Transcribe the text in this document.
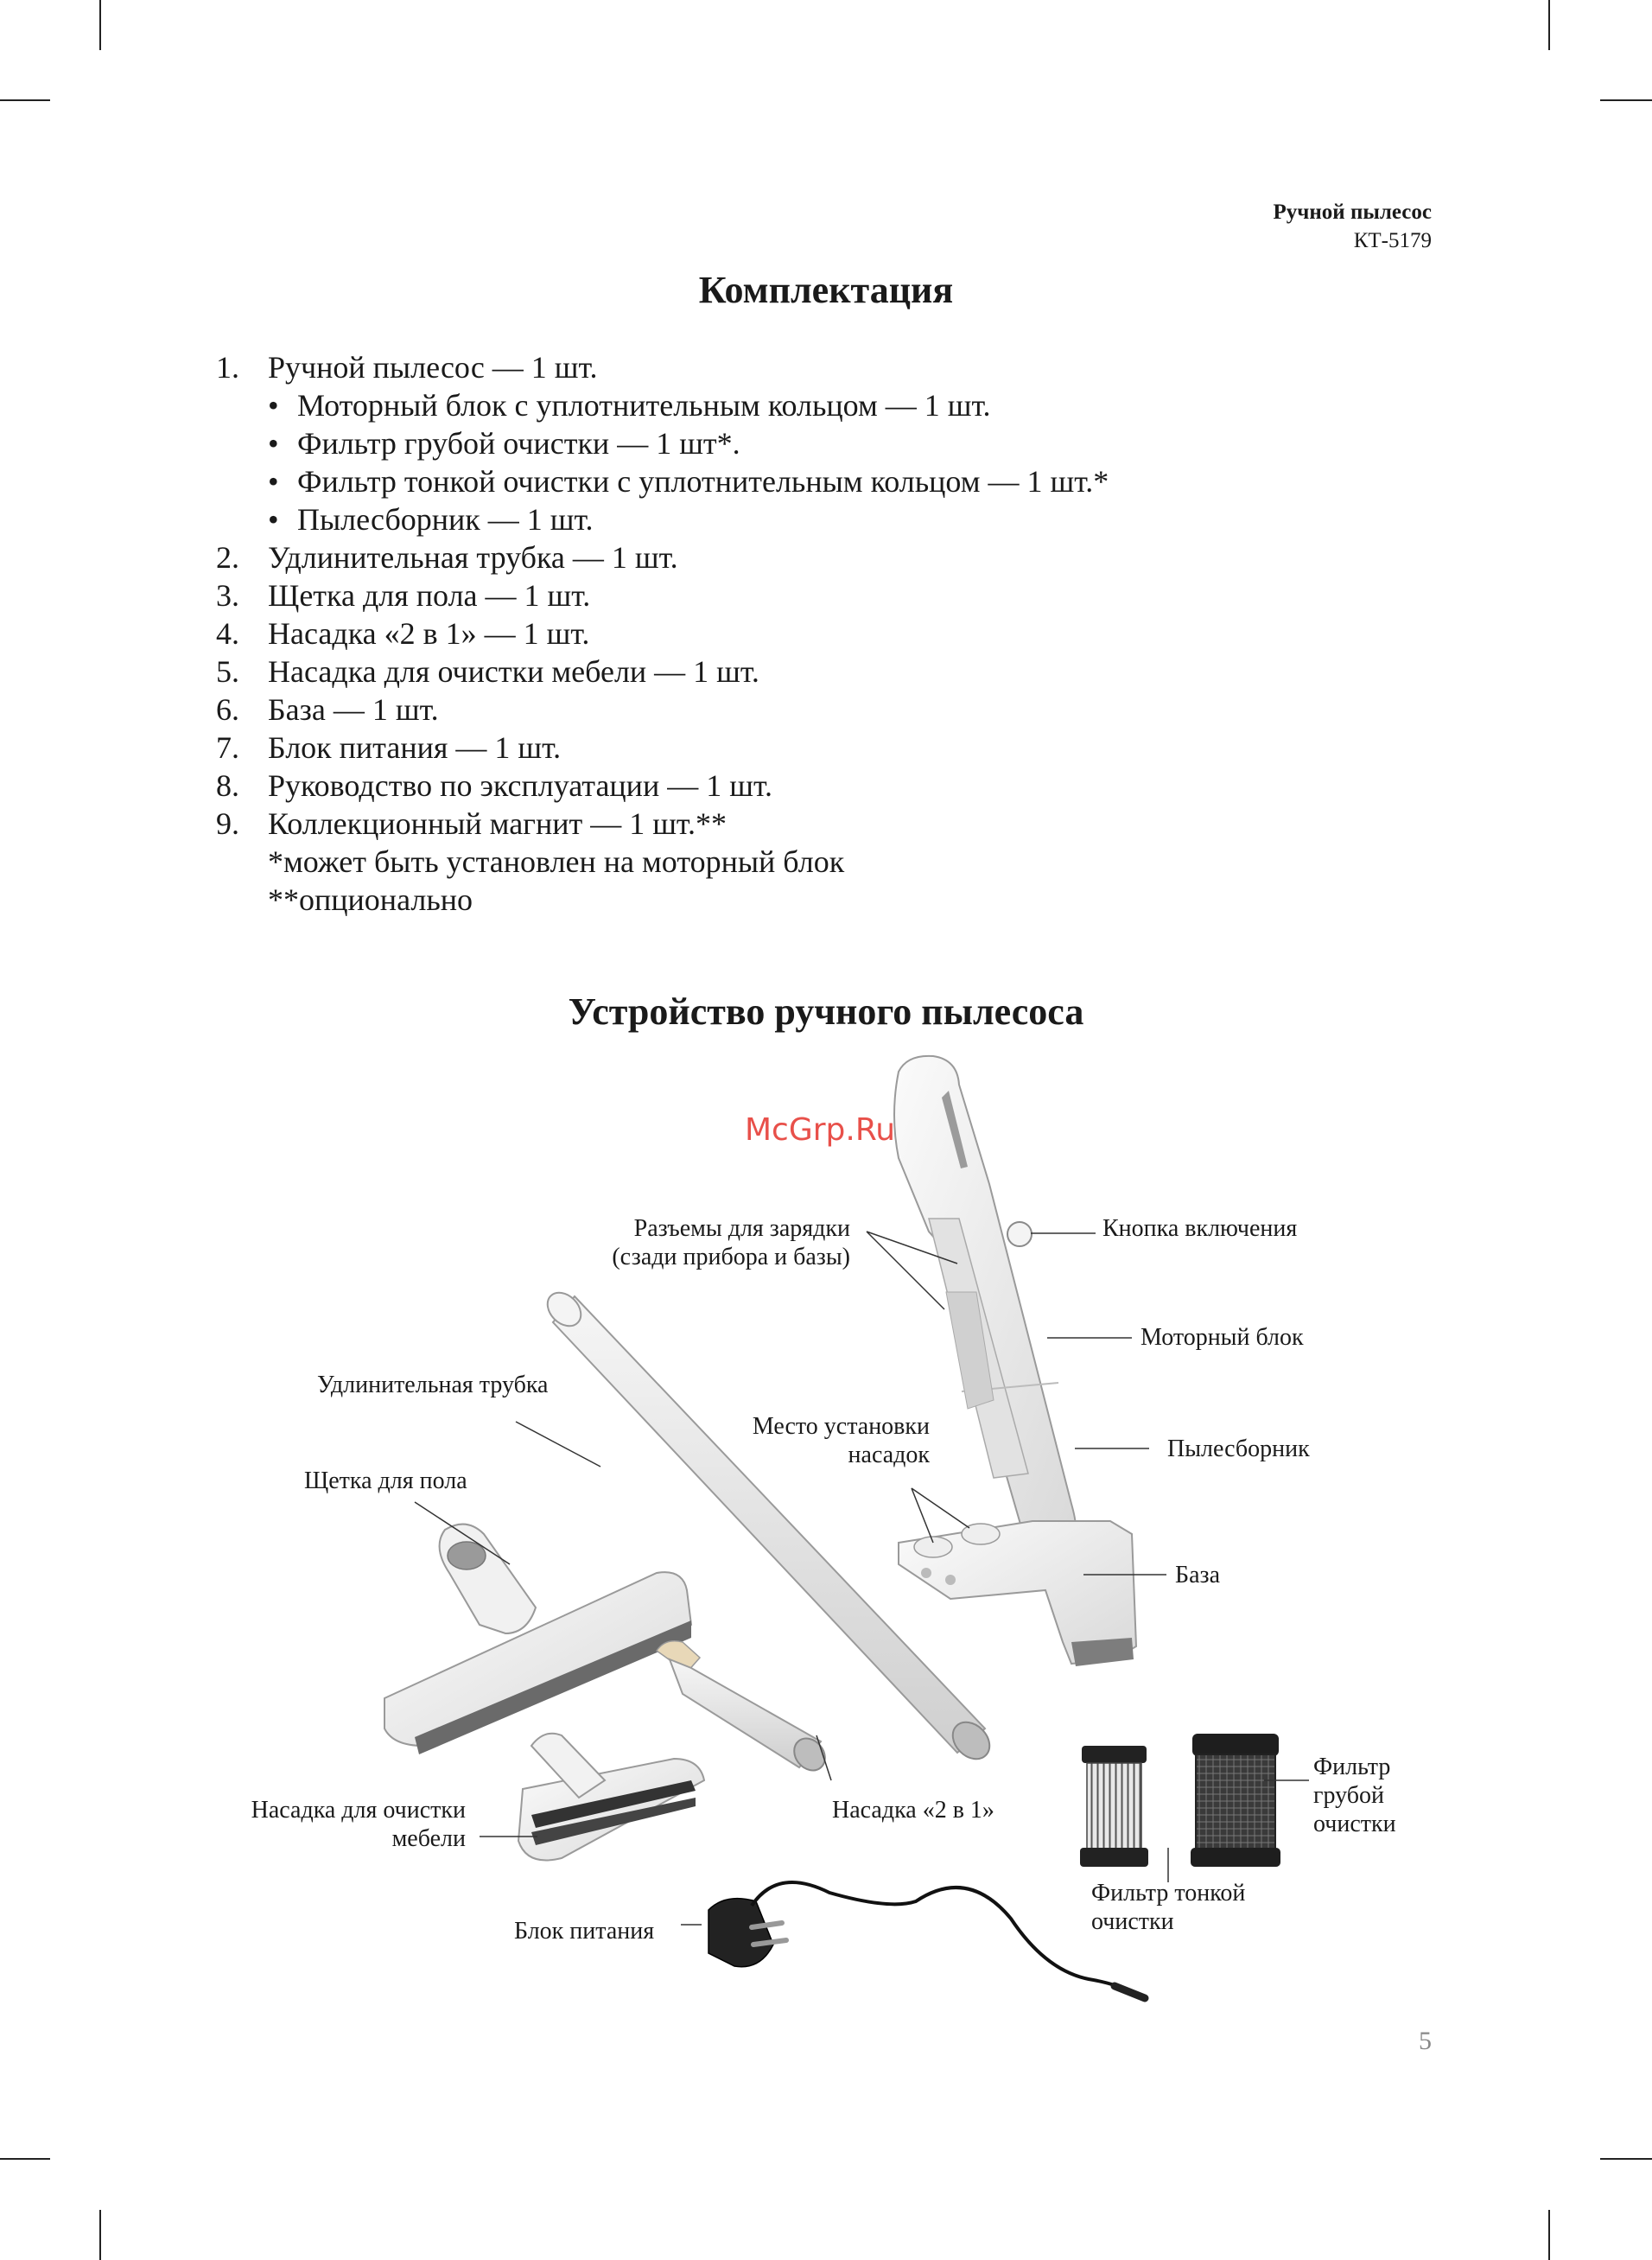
Ручной пылесос
КТ-5179
Комплектация
1. Ручной пылесос — 1 шт.
• Моторный блок с уплотнительным кольцом — 1 шт.
• Фильтр грубой очистки — 1 шт*.
• Фильтр тонкой очистки с уплотнительным кольцом — 1 шт.*
• Пылесборник — 1 шт.
2. Удлинительная трубка — 1 шт.
3. Щетка для пола — 1 шт.
4. Насадка «2 в 1» — 1 шт.
5. Насадка для очистки мебели — 1 шт.
6. База — 1 шт.
7. Блок питания — 1 шт.
8. Руководство по эксплуатации — 1 шт.
9. Коллекционный магнит — 1 шт.**
*может быть установлен на моторный блок
**опционально
Устройство ручного пылесоса
Разъемы для зарядки
(сзади прибора и базы)
Кнопка включения
Моторный блок
Пылесборник
База
Удлинительная трубка
Место установки
насадок
Щетка для пола
Насадка «2 в 1»
Насадка для очистки
мебели
Блок питания
Фильтр тонкой
очистки
Фильтр
грубой
очистки
McGrp.Ru
5
